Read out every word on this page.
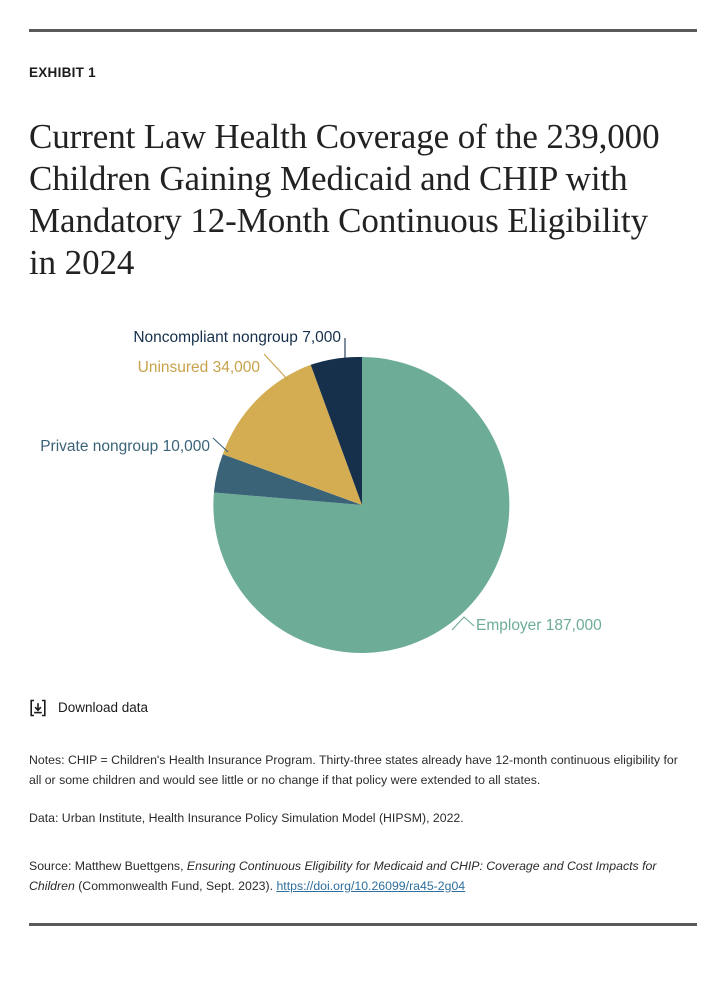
EXHIBIT 1
Current Law Health Coverage of the 239,000 Children Gaining Medicaid and CHIP with Mandatory 12-Month Continuous Eligibility in 2024
Noncompliant nongroup 7,000
Uninsured 34,000
Private nongroup 10,000
Employer 187,000
Download data
Notes: CHIP = Children's Health Insurance Program. Thirty-three states already have 12-month continuous eligibility for all or some children and would see little or no change if that policy were extended to all states.
Data: Urban Institute, Health Insurance Policy Simulation Model (HIPSM), 2022.
Source: Matthew Buettgens, Ensuring Continuous Eligibility for Medicaid and CHIP: Coverage and Cost Impacts for Children (Commonwealth Fund, Sept. 2023). https://doi.org/10.26099/ra45-2g04
